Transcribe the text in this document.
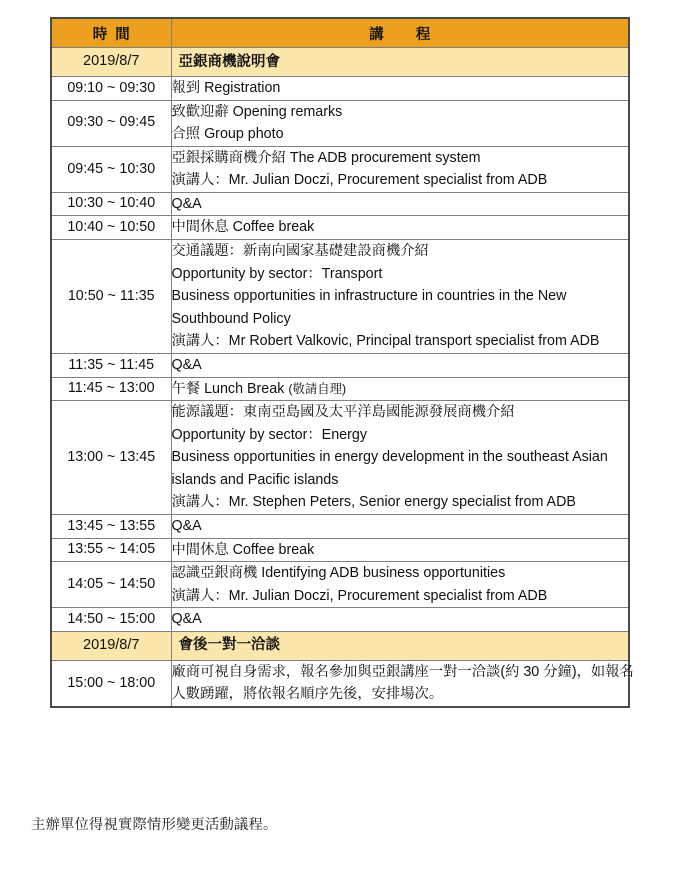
時  間	講        程
2019/8/7	亞銀商機說明會

09:10 ~ 09:30	報到 Registration

09:30 ~ 09:45	致歡迎辭 Opening remarks
合照 Group photo

09:45 ~ 10:30	亞銀採購商機介紹 The ADB procurement system
演講人：Mr. Julian Doczi, Procurement specialist from ADB

10:30 ~ 10:40	Q&A

10:40 ~ 10:50	中間休息 Coffee break

10:50 ~ 11:35	交通議題：新南向國家基礎建設商機介紹
Opportunity by sector：Transport
Business opportunities in infrastructure in countries in the New
Southbound Policy
演講人：Mr Robert Valkovic, Principal transport specialist from ADB

11:35 ~ 11:45	Q&A

11:45 ~ 13:00	午餐 Lunch Break (敬請自理)

13:00 ~ 13:45	能源議題：東南亞島國及太平洋島國能源發展商機介紹
Opportunity by sector：Energy
Business opportunities in energy development in the southeast Asian
islands and Pacific islands
演講人：Mr. Stephen Peters, Senior energy specialist from ADB

13:45 ~ 13:55	Q&A

13:55 ~ 14:05	中間休息 Coffee break

14:05 ~ 14:50	認識亞銀商機 Identifying ADB business opportunities
演講人：Mr. Julian Doczi, Procurement specialist from ADB

14:50 ~ 15:00	Q&A

2019/8/7	會後一對一洽談

15:00 ~ 18:00	廠商可視自身需求，報名參加與亞銀講座一對一洽談(約 30 分鐘)，如報名
人數踴躍，將依報名順序先後，安排場次。
主辦單位得視實際情形變更活動議程。
